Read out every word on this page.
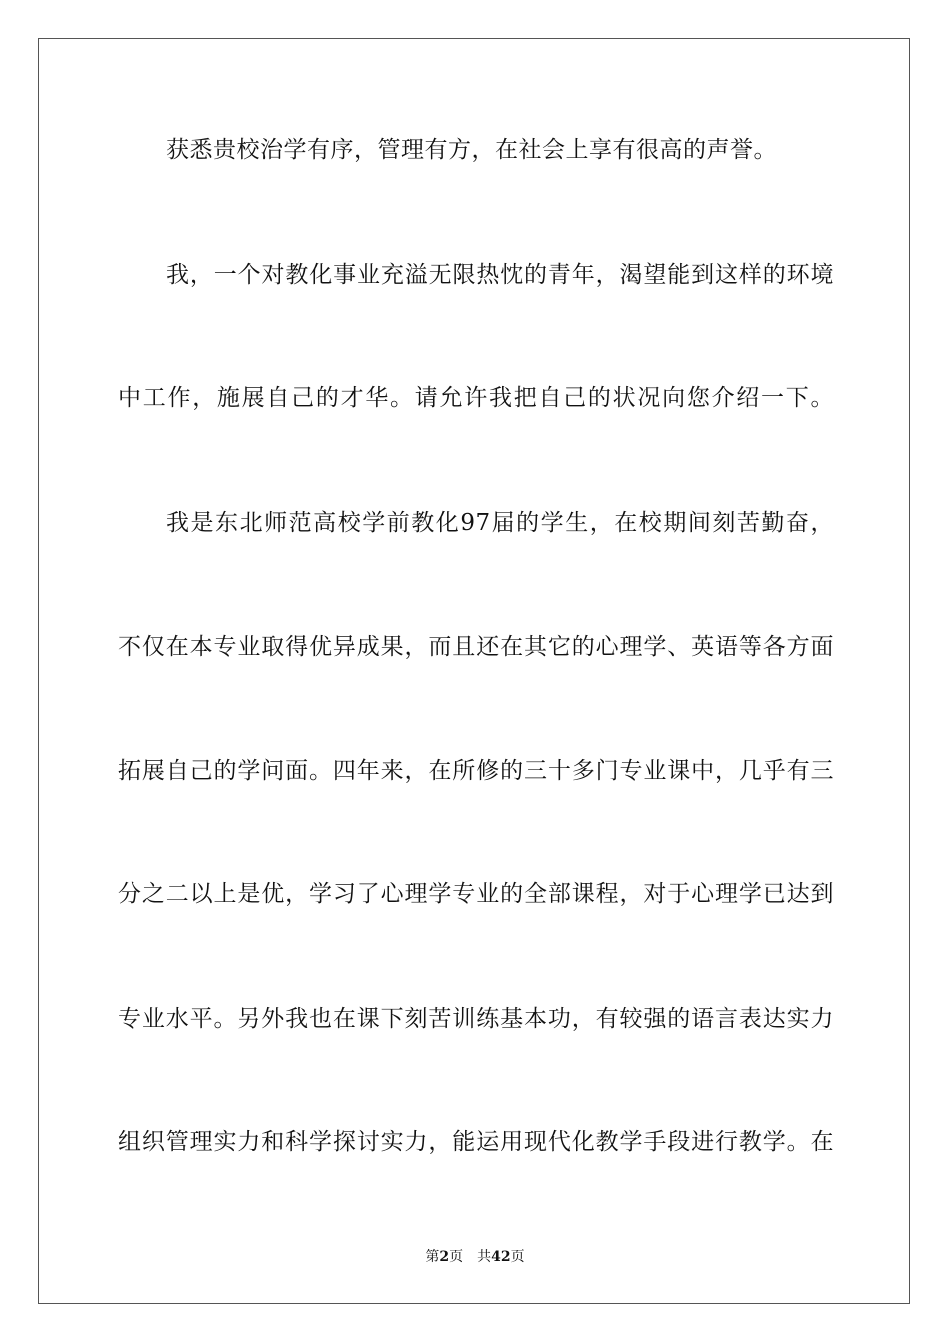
获悉贵校治学有序，管理有方，在社会上享有很高的声誉。
我，一个对教化事业充溢无限热忱的青年，渴望能到这样的环境
中工作，施展自己的才华。请允许我把自己的状况向您介绍一下。
我是东北师范高校学前教化97届的学生，在校期间刻苦勤奋，
不仅在本专业取得优异成果，而且还在其它的心理学、英语等各方面
拓展自己的学问面。四年来，在所修的三十多门专业课中，几乎有三
分之二以上是优，学习了心理学专业的全部课程，对于心理学已达到
专业水平。另外我也在课下刻苦训练基本功，有较强的语言表达实力
组织管理实力和科学探讨实力，能运用现代化教学手段进行教学。在
第2页 共42页
